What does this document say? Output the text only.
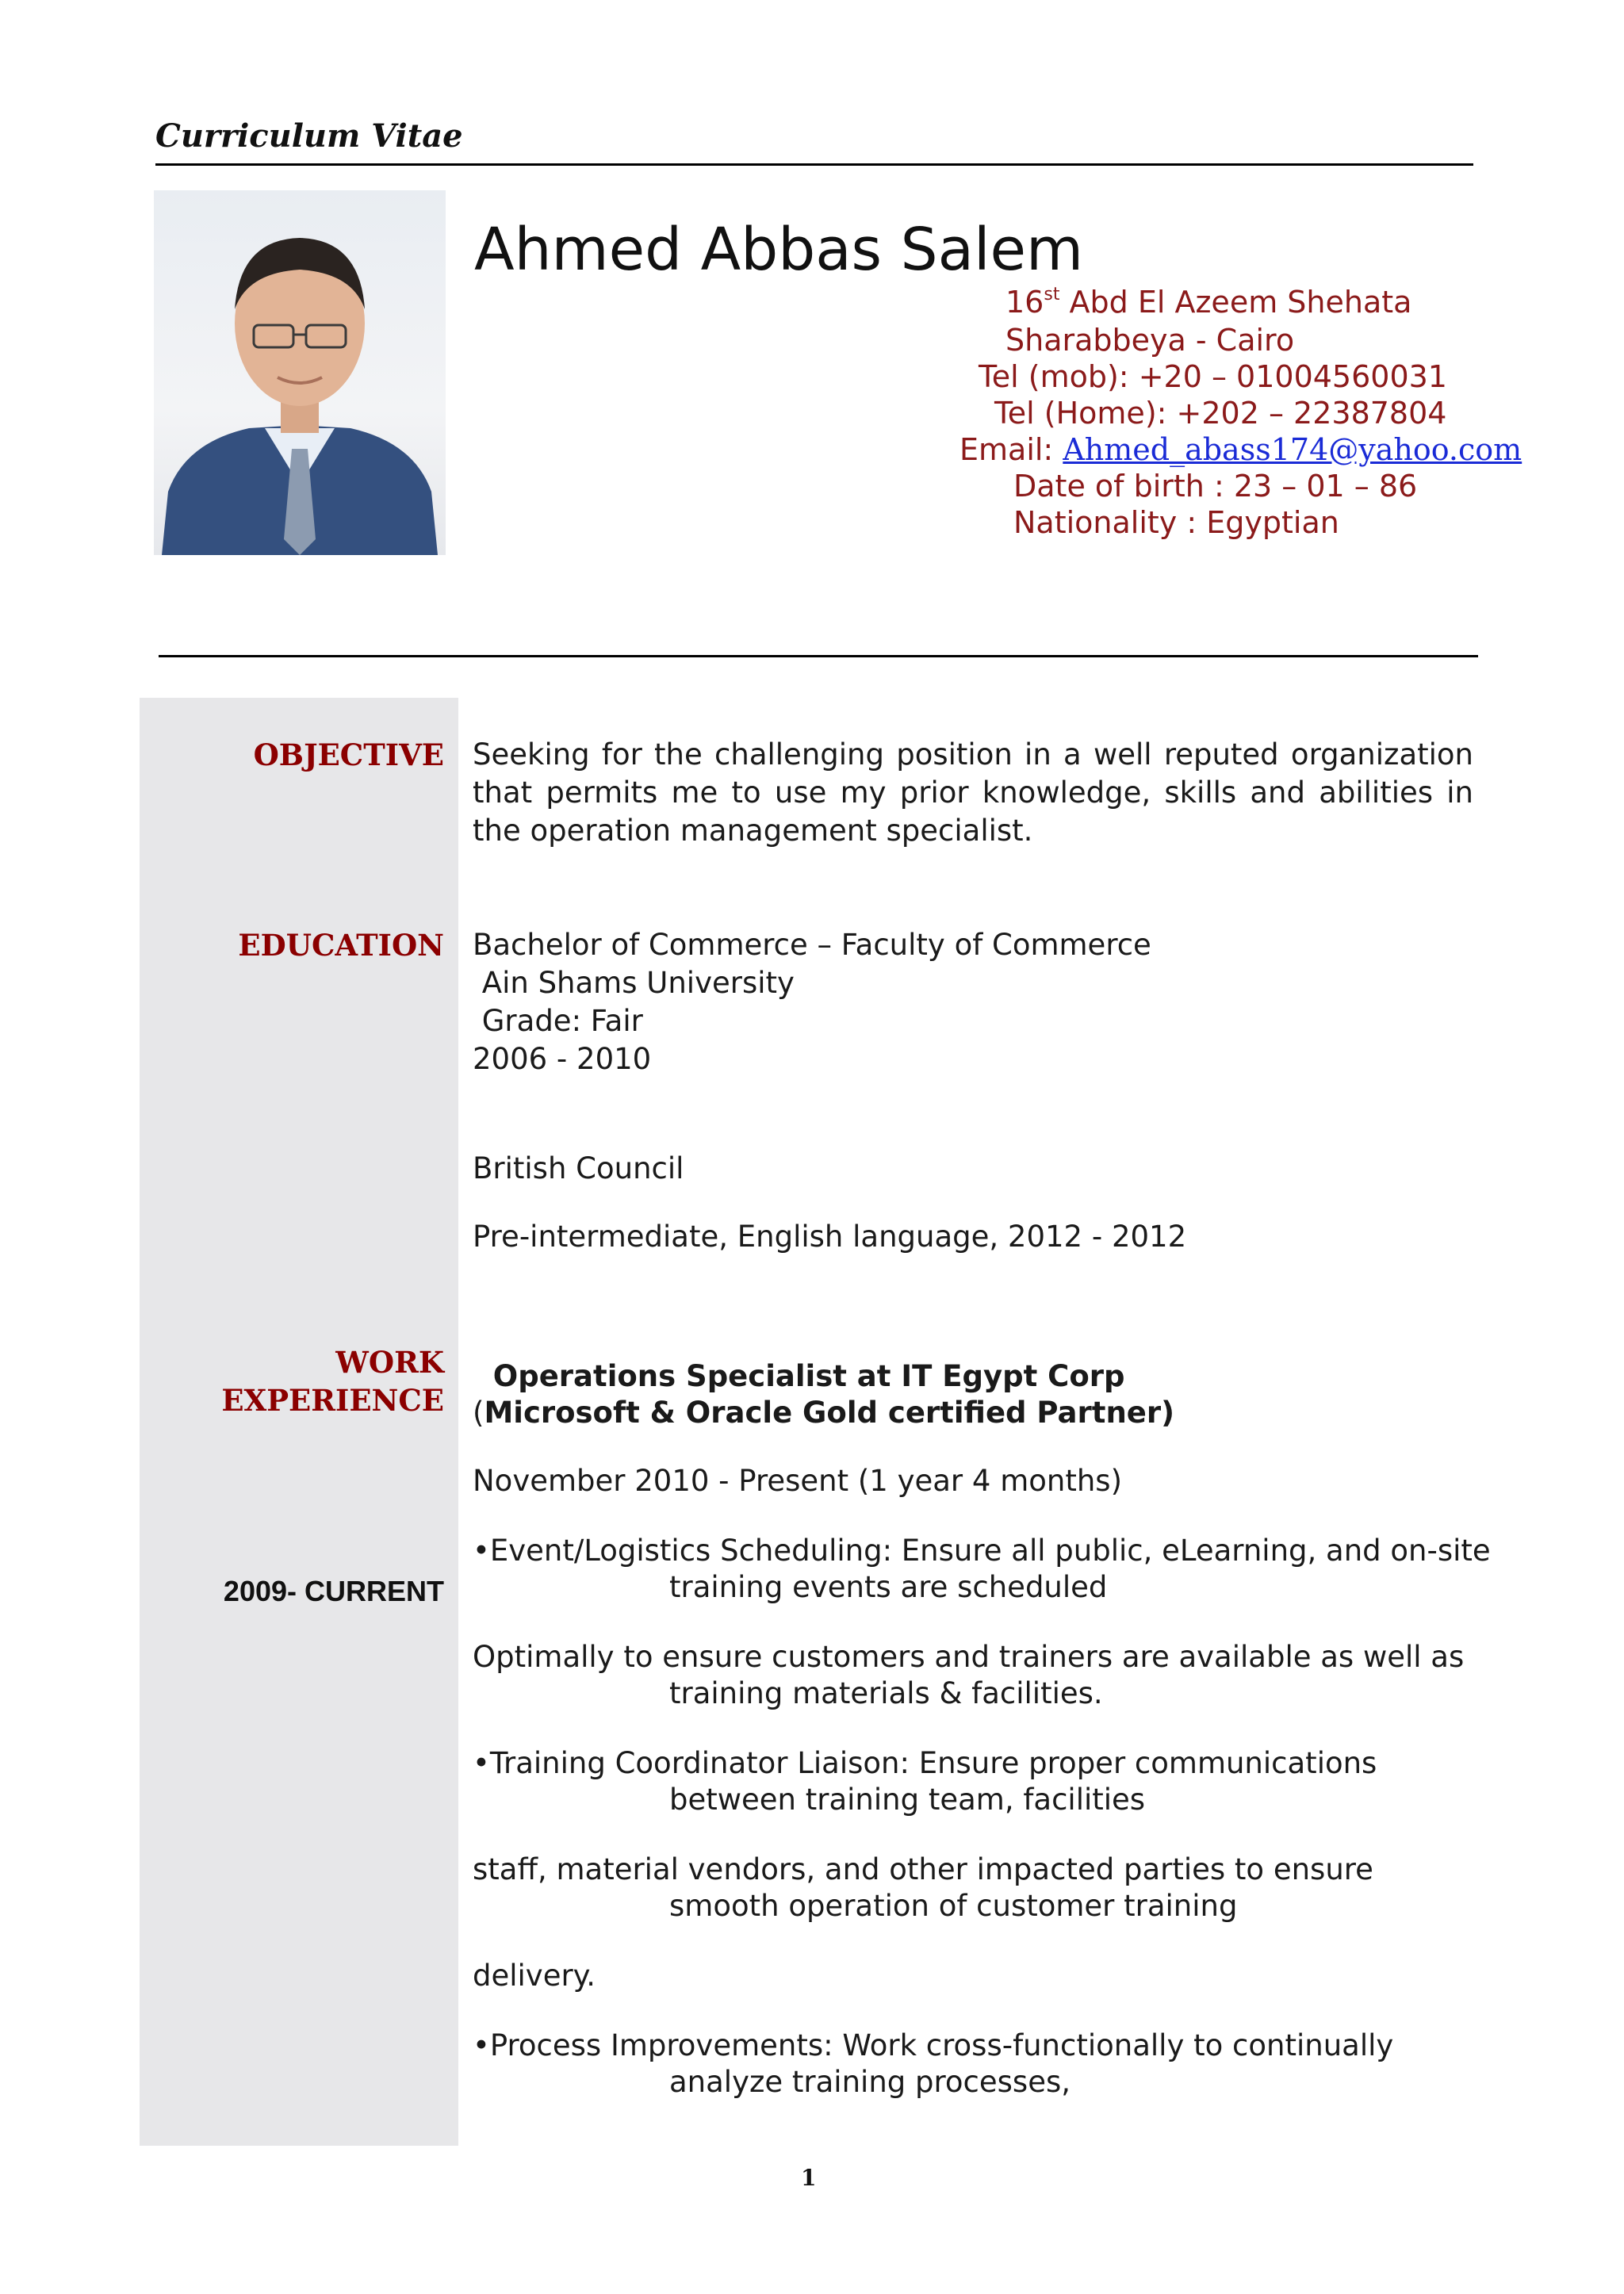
Curriculum Vitae
Ahmed Abbas Salem
16st Abd El Azeem Shehata
Sharabbeya - Cairo
Tel (mob): +20 – 01004560031
Tel (Home): +202 – 22387804
Email: Ahmed_abass174@yahoo.com
Date of birth : 23 – 01 – 86
Nationality : Egyptian
OBJECTIVE Seeking for the challenging position in a well reputed organization that permits me to use my prior knowledge, skills and abilities in the operation management specialist.
EDUCATION Bachelor of Commerce – Faculty of Commerce
Ain Shams University
Grade: Fair
2006 - 2010
British Council
Pre-intermediate, English language, 2012 - 2012
WORK
EXPERIENCE
2009- CURRENT
Operations Specialist at IT Egypt Corp
(Microsoft & Oracle Gold certified Partner)
November 2010 - Present (1 year 4 months)
•Event/Logistics Scheduling: Ensure all public, eLearning, and on-site
training events are scheduled
Optimally to ensure customers and trainers are available as well as
training materials & facilities.
•Training Coordinator Liaison: Ensure proper communications
between training team, facilities
staff, material vendors, and other impacted parties to ensure
smooth operation of customer training
delivery.
•Process Improvements: Work cross-functionally to continually
analyze training processes,
1
